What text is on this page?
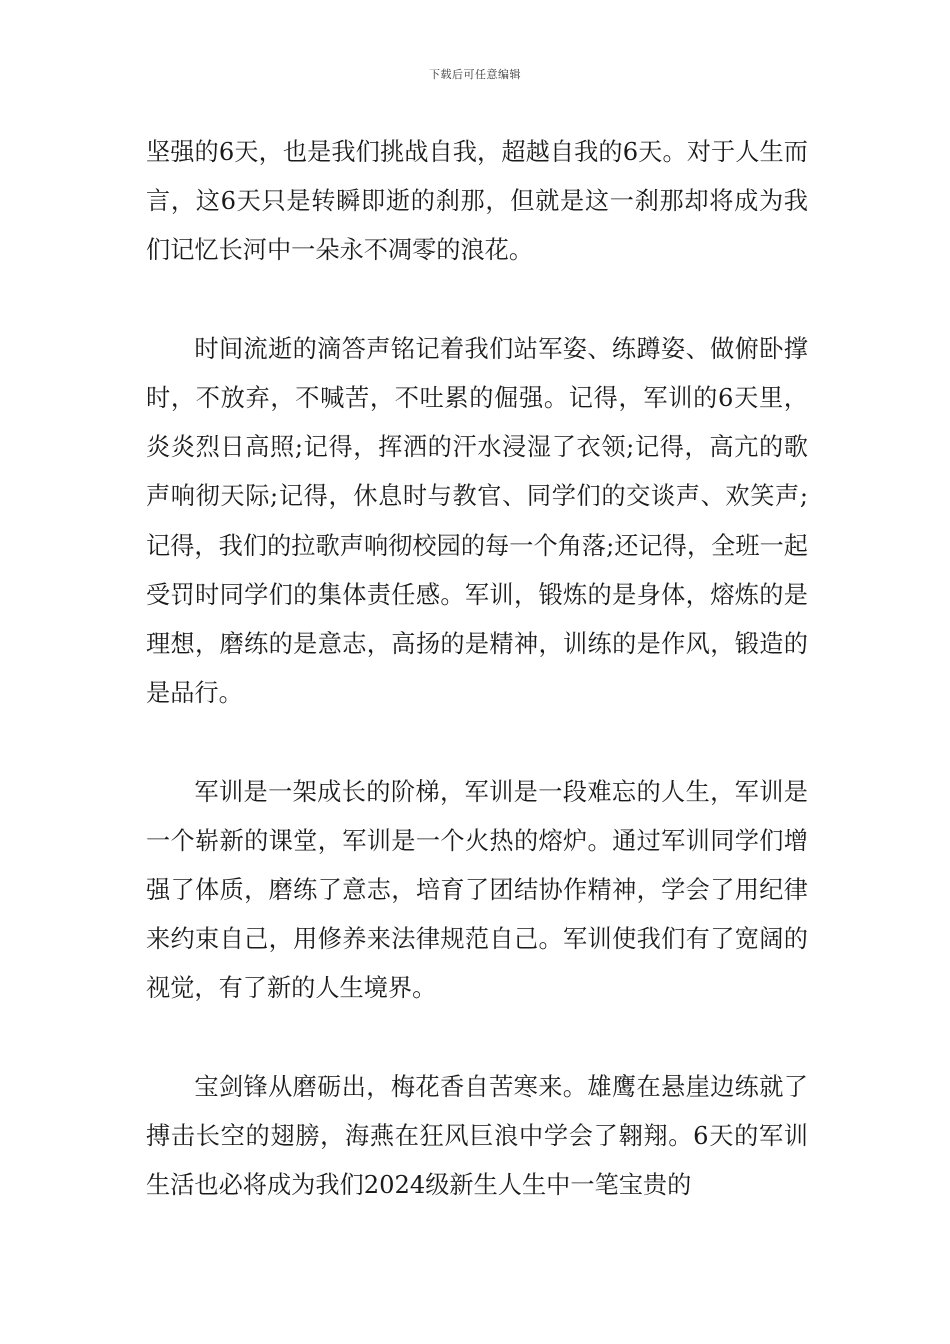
下载后可任意编辑

坚强的6天，也是我们挑战自我，超越自我的6天。对于人生而言，这6天只是转瞬即逝的刹那，但就是这一刹那却将成为我们记忆长河中一朵永不凋零的浪花。

时间流逝的滴答声铭记着我们站军姿、练蹲姿、做俯卧撑时，不放弃，不喊苦，不吐累的倔强。记得，军训的6天里，炎炎烈日高照;记得，挥洒的汗水浸湿了衣领;记得，高亢的歌声响彻天际;记得，休息时与教官、同学们的交谈声、欢笑声;记得，我们的拉歌声响彻校园的每一个角落;还记得，全班一起受罚时同学们的集体责任感。军训，锻炼的是身体，熔炼的是理想，磨练的是意志，高扬的是精神，训练的是作风，锻造的是品行。

军训是一架成长的阶梯，军训是一段难忘的人生，军训是一个崭新的课堂，军训是一个火热的熔炉。通过军训同学们增强了体质，磨练了意志，培育了团结协作精神，学会了用纪律来约束自己，用修养来法律规范自己。军训使我们有了宽阔的视觉，有了新的人生境界。

宝剑锋从磨砺出，梅花香自苦寒来。雄鹰在悬崖边练就了搏击长空的翅膀，海燕在狂风巨浪中学会了翱翔。6天的军训生活也必将成为我们2024级新生人生中一笔宝贵的
